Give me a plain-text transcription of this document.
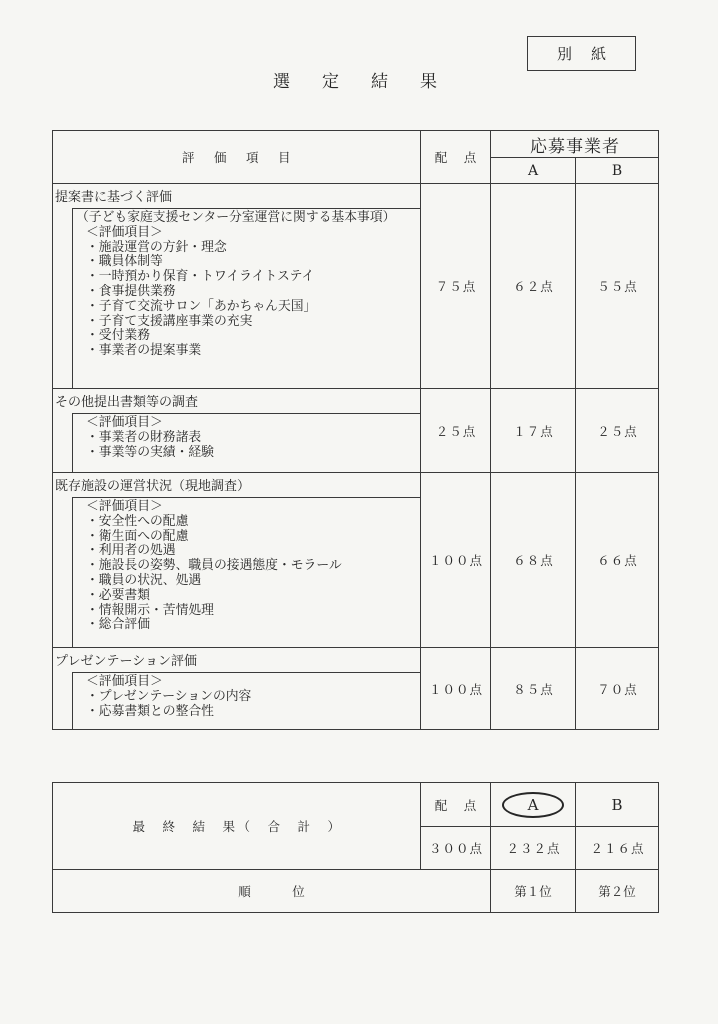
別　紙
選　定　結　果
評　価　項　目	配　点
応募事業者
A	B
提案書に基づく評価
（子ども家庭支援センター分室運営に関する基本事項）
＜評価項目＞
・施設運営の方針・理念
・職員体制等
・一時預かり保育・トワイライトステイ
・食事提供業務
・子育て交流サロン「あかちゃん天国」
・子育て支援講座事業の充実
・受付業務
・事業者の提案事業
７５点	６２点	５５点
その他提出書類等の調査
＜評価項目＞
・事業者の財務諸表
・事業等の実績・経験
２５点	１７点	２５点
既存施設の運営状況（現地調査）
＜評価項目＞
・安全性への配慮
・衛生面への配慮
・利用者の処遇
・施設長の姿勢、職員の接遇態度・モラール
・職員の状況、処遇
・必要書類
・情報開示・苦情処理
・総合評価
１００点	６８点	６６点
プレゼンテーション評価
＜評価項目＞
・プレゼンテーションの内容
・応募書類との整合性
１００点	８５点	７０点
最　終　結　果（　合　計　）
配　点	A	B
３００点	２３２点	２１６点
順　　　位	第１位	第２位
